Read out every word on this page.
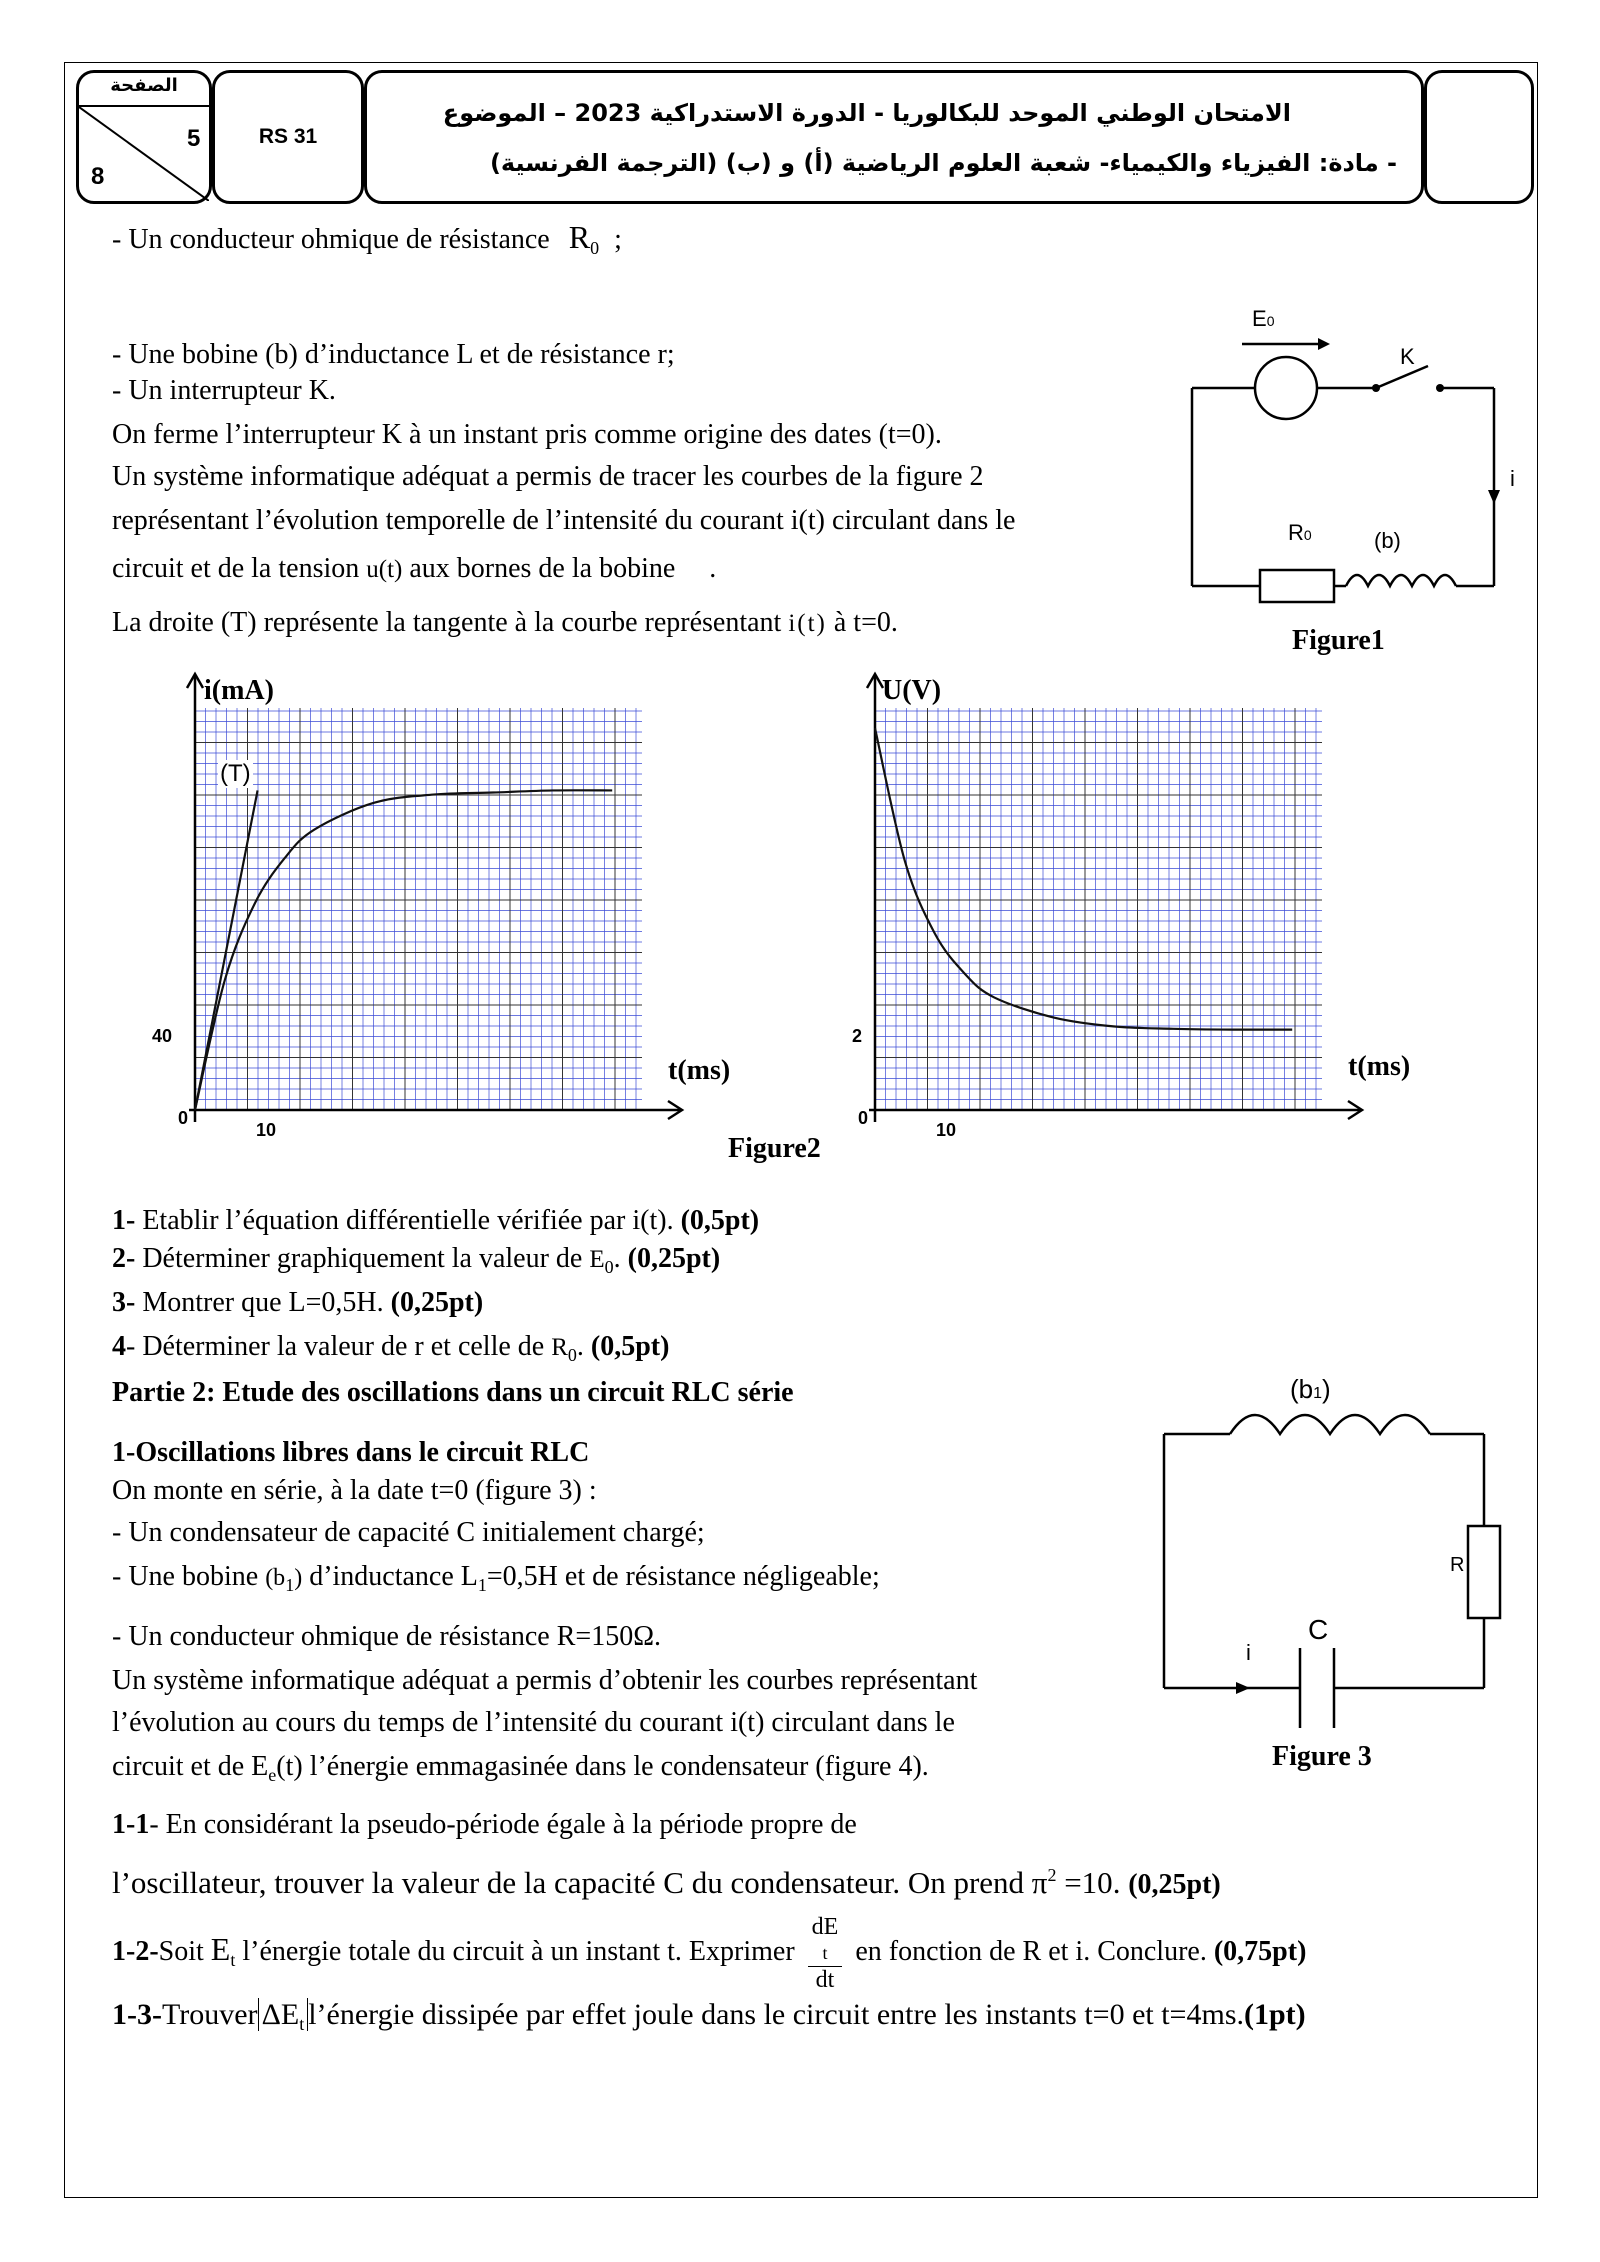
الصفحة
5
8
RS 31
الامتحان الوطني الموحد للبكالوريا - الدورة الاستدراكية 2023 – الموضوع
- مادة: الفيزياء والكيمياء- شعبة العلوم الرياضية (أ) و (ب) (الترجمة الفرنسية)
- Un conducteur ohmique de résistance $R_0$ ;
- Une bobine (b) d’inductance L et de résistance r;
- Un interrupteur K.
On ferme l’interrupteur K à un instant pris comme origine des dates (t=0).
Un système informatique adéquat a permis de tracer les courbes de la figure 2
représentant l’évolution temporelle de l’intensité du courant i(t) circulant dans le
circuit et de la tension u(t) aux bornes de la bobine .
La droite (T) représente la tangente à la courbe représentant i(t) à t=0.
E0
K
i
R0	(b)
Figure1
i(mA)
t(ms)
40
10
0
(T)
U(V)
t(ms)
2
10
0
Figure2
1- Etablir l’équation différentielle vérifiée par i(t). (0,5pt)
2- Déterminer graphiquement la valeur de $E_0$. (0,25pt)
3- Montrer que L=0,5H. (0,25pt)
4- Déterminer la valeur de r et celle de $R_0$. (0,5pt)
Partie 2: Etude des oscillations dans un circuit RLC série
1-Oscillations libres dans le circuit RLC
On monte en série, à la date t=0 (figure 3) :
- Un condensateur de capacité C initialement chargé;
- Une bobine $(b_1)$ d’inductance $L_1=0,5H$ et de résistance négligeable;
- Un conducteur ohmique de résistance R=150Ω.
Un système informatique adéquat a permis d’obtenir les courbes représentant
l’évolution au cours du temps de l’intensité du courant i(t) circulant dans le
circuit et de $E_e(t)$ l’énergie emmagasinée dans le condensateur (figure 4).
1-1- En considérant la pseudo-période égale à la période propre de
l’oscillateur, trouver la valeur de la capacité C du condensateur. On prend $\pi^2 =10$. (0,25pt)
1-2-Soit $E_t$ l’énergie totale du circuit à un instant t. Exprimer dE
t
dt en fonction de R et i. Conclure. (0,75pt)
1-3-Trouver $\Delta E_t$ l’énergie dissipée par effet joule dans le circuit entre les instants t=0 et t=4ms.(1pt)
(b1)
R
C
i
Figure 3
